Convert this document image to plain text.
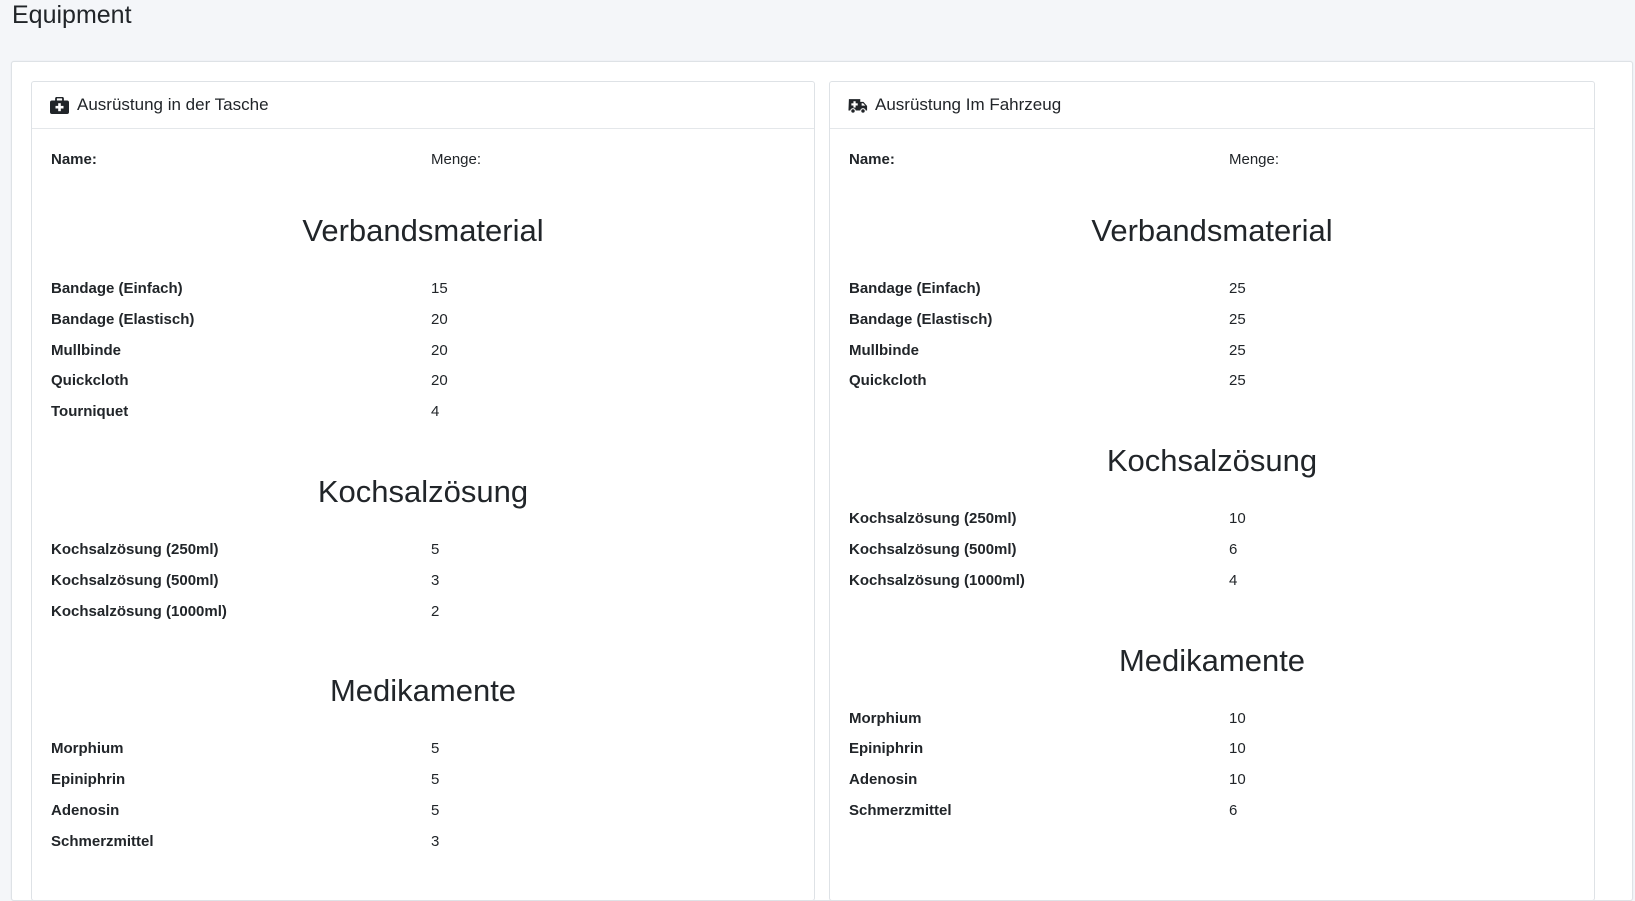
Equipment
Ausrüstung in der Tasche
Name:	Menge:
Verbandsmaterial
Bandage (Einfach)	15
Bandage (Elastisch)	20
Mullbinde	20
Quickcloth	20
Tourniquet	4
Kochsalzösung
Kochsalzösung (250ml)	5
Kochsalzösung (500ml)	3
Kochsalzösung (1000ml)	2
Medikamente
Morphium	5
Epiniphrin	5
Adenosin	5
Schmerzmittel	3
Ausrüstung Im Fahrzeug
Name:	Menge:
Verbandsmaterial
Bandage (Einfach)	25
Bandage (Elastisch)	25
Mullbinde	25
Quickcloth	25
Kochsalzösung
Kochsalzösung (250ml)	10
Kochsalzösung (500ml)	6
Kochsalzösung (1000ml)	4
Medikamente
Morphium	10
Epiniphrin	10
Adenosin	10
Schmerzmittel	6
